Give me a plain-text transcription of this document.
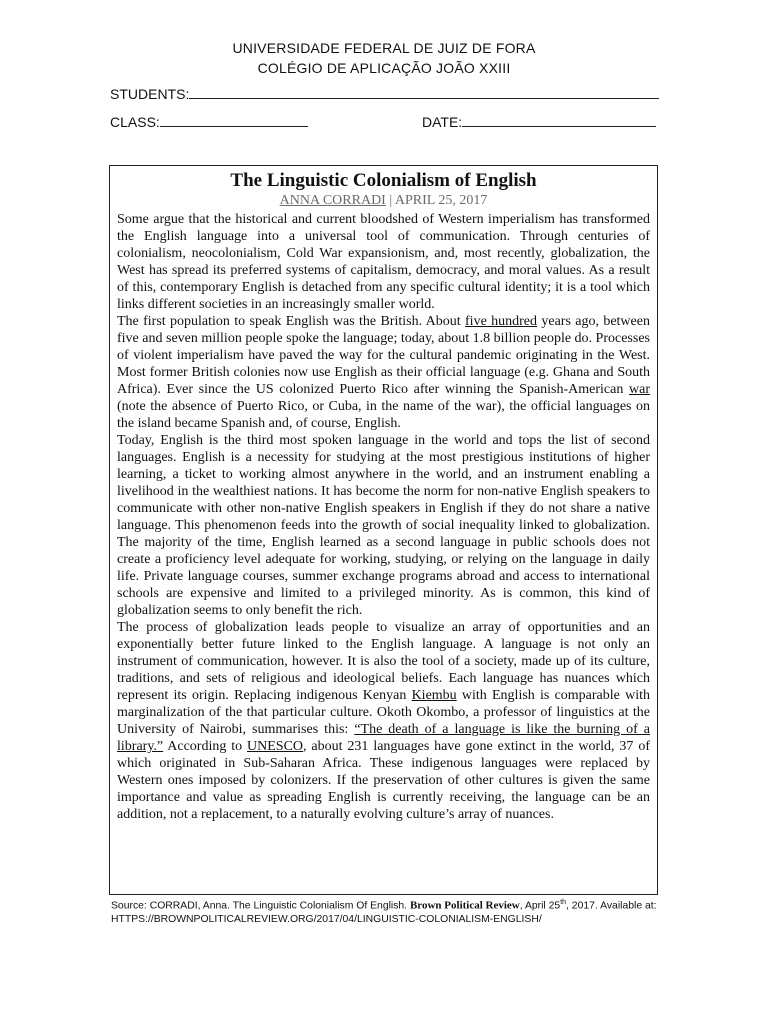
UNIVERSIDADE FEDERAL DE JUIZ DE FORA
COLÉGIO DE APLICAÇÃO JOÃO XXIII
STUDENTS:
CLASS:	DATE:

The Linguistic Colonialism of English

ANNA CORRADI | APRIL 25, 2017

Some argue that the historical and current bloodshed of Western imperialism has transformed the English language into a universal tool of communication. Through centuries of colonialism, neocolonialism, Cold War expansionism, and, most recently, globalization, the West has spread its preferred systems of capitalism, democracy, and moral values. As a result of this, contemporary English is detached from any specific cultural identity; it is a tool which links different societies in an increasingly smaller world.

The first population to speak English was the British. About five hundred years ago, between five and seven million people spoke the language; today, about 1.8 billion people do. Processes of violent imperialism have paved the way for the cultural pandemic originating in the West. Most former British colonies now use English as their official language (e.g. Ghana and South Africa). Ever since the US colonized Puerto Rico after winning the Spanish-American war (note the absence of Puerto Rico, or Cuba, in the name of the war), the official languages on the island became Spanish and, of course, English.

Today, English is the third most spoken language in the world and tops the list of second languages. English is a necessity for studying at the most prestigious institutions of higher learning, a ticket to working almost anywhere in the world, and an instrument enabling a livelihood in the wealthiest nations. It has become the norm for non-native English speakers to communicate with other non-native English speakers in English if they do not share a native language. This phenomenon feeds into the growth of social inequality linked to globalization. The majority of the time, English learned as a second language in public schools does not create a proficiency level adequate for working, studying, or relying on the language in daily life. Private language courses, summer exchange programs abroad and access to international schools are expensive and limited to a privileged minority. As is common, this kind of globalization seems to only benefit the rich.

The process of globalization leads people to visualize an array of opportunities and an exponentially better future linked to the English language. A language is not only an instrument of communication, however. It is also the tool of a society, made up of its culture, traditions, and sets of religious and ideological beliefs. Each language has nuances which represent its origin. Replacing indigenous Kenyan Kiembu with English is comparable with marginalization of the that particular culture. Okoth Okombo, a professor of linguistics at the University of Nairobi, summarises this: “The death of a language is like the burning of a library.” According to UNESCO, about 231 languages have gone extinct in the world, 37 of which originated in Sub-Saharan Africa. These indigenous languages were replaced by Western ones imposed by colonizers. If the preservation of other cultures is given the same importance and value as spreading English is currently receiving, the language can be an addition, not a replacement, to a naturally evolving culture’s array of nuances.

Source: CORRADI, Anna. The Linguistic Colonialism Of English. Brown Political Review, April 25th, 2017. Available at: HTTPS://BROWNPOLITICALREVIEW.ORG/2017/04/LINGUISTIC-COLONIALISM-ENGLISH/
